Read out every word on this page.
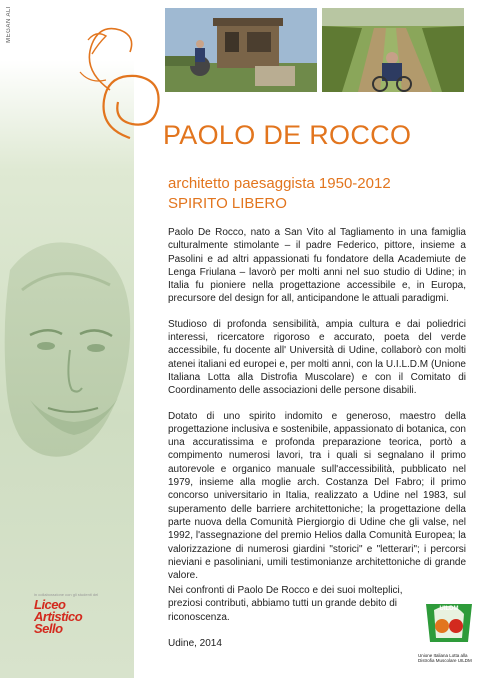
MEGAN ALI
PAOLO DE ROCCO
architetto paesaggista 1950-2012
SPIRITO LIBERO

Paolo De Rocco, nato a San Vito al Tagliamento in una famiglia culturalmente stimolante – il padre Federico, pittore, insieme a Pasolini e ad altri appassionati fu fondatore della Academiute de Lenga Friulana – lavorò per molti anni nel suo studio di Udine; in Italia fu pioniere nella progettazione accessibile e, in Europa, precursore del design for all, anticipandone le attuali paradigmi.

Studioso di profonda sensibilità, ampia cultura e dai poliedrici interessi, ricercatore rigoroso e accurato, poeta del verde accessibile, fu docente all' Università di Udine, collaborò con molti atenei italiani ed europei e, per molti anni, con la U.I.L.D.M (Unione Italiana Lotta alla Distrofia Muscolare) e con il Comitato di Coordinamento delle associazioni delle persone disabili.

Dotato di uno spirito indomito e generoso, maestro della progettazione inclusiva e sostenibile, appassionato di botanica, con una accuratissima e profonda preparazione teorica, portò a compimento numerosi lavori, tra i quali si segnalano il primo autorevole e organico manuale sull'accessibilità, pubblicato nel 1979, insieme alla moglie arch. Costanza Del Fabro; il primo concorso universitario in Italia, realizzato a Udine nel 1983, sul superamento delle barriere architettoniche; la progettazione della parte nuova della Comunità Piergiorgio di Udine che gli valse, nel 1992, l'assegnazione del premio Helios dalla Comunità Europea; la valorizzazione di numerosi giardini "storici" e "letterari"; i percorsi nieviani e pasoliniani, umili testimonianze architettoniche di grande valore.

Nei confronti di Paolo De Rocco e dei suoi molteplici, preziosi contributi, abbiamo tutti un grande debito di riconoscenza.
Udine, 2014
in collaborazione con gli studenti del
Liceo
Artistico
Sello
UILDM
Unione Italiana Lotta alla Distrofia Muscolare UILDM
